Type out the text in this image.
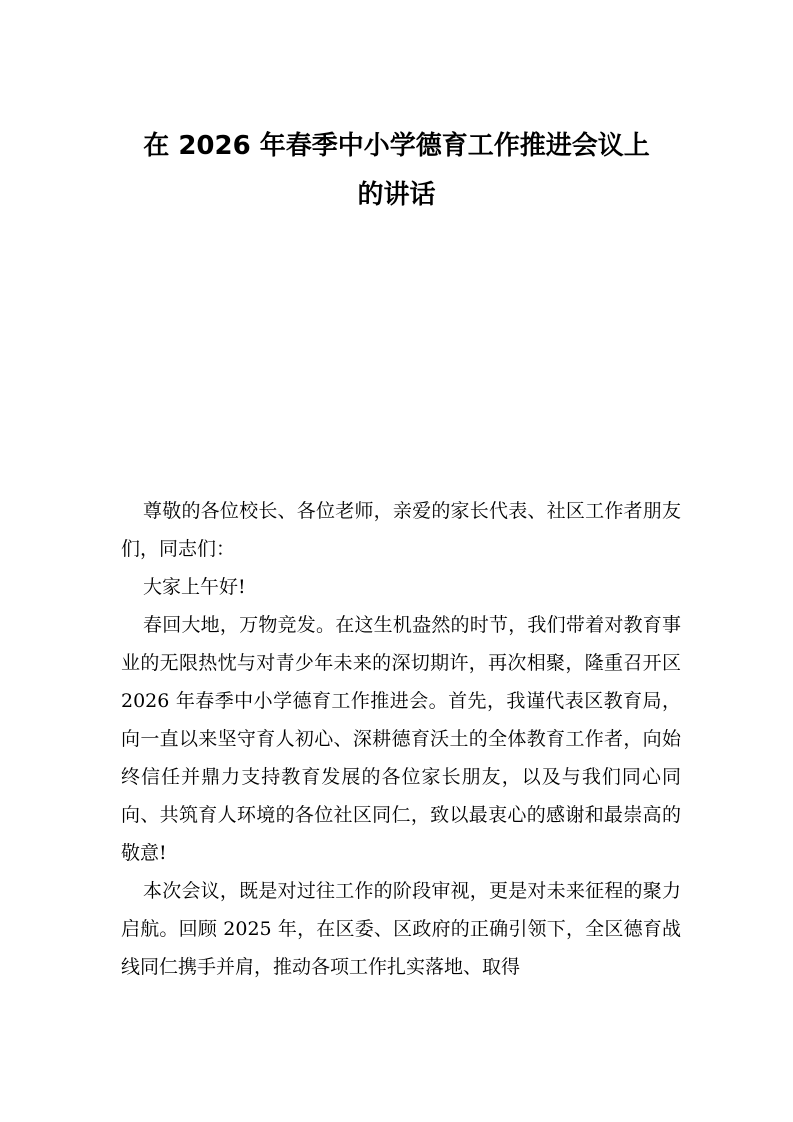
在 2026 年春季中小学德育工作推进会议上
的讲话

尊敬的各位校长、各位老师，亲爱的家长代表、社区工作者朋友们，同志们：

大家上午好!

春回大地，万物竞发。在这生机盎然的时节，我们带着对教育事业的无限热忱与对青少年未来的深切期许，再次相聚，隆重召开区 2026 年春季中小学德育工作推进会。首先，我谨代表区教育局，向一直以来坚守育人初心、深耕德育沃土的全体教育工作者，向始终信任并鼎力支持教育发展的各位家长朋友，以及与我们同心同向、共筑育人环境的各位社区同仁，致以最衷心的感谢和最崇高的敬意!

本次会议，既是对过往工作的阶段审视，更是对未来征程的聚力启航。回顾 2025 年，在区委、区政府的正确引领下，全区德育战线同仁携手并肩，推动各项工作扎实落地、取得
